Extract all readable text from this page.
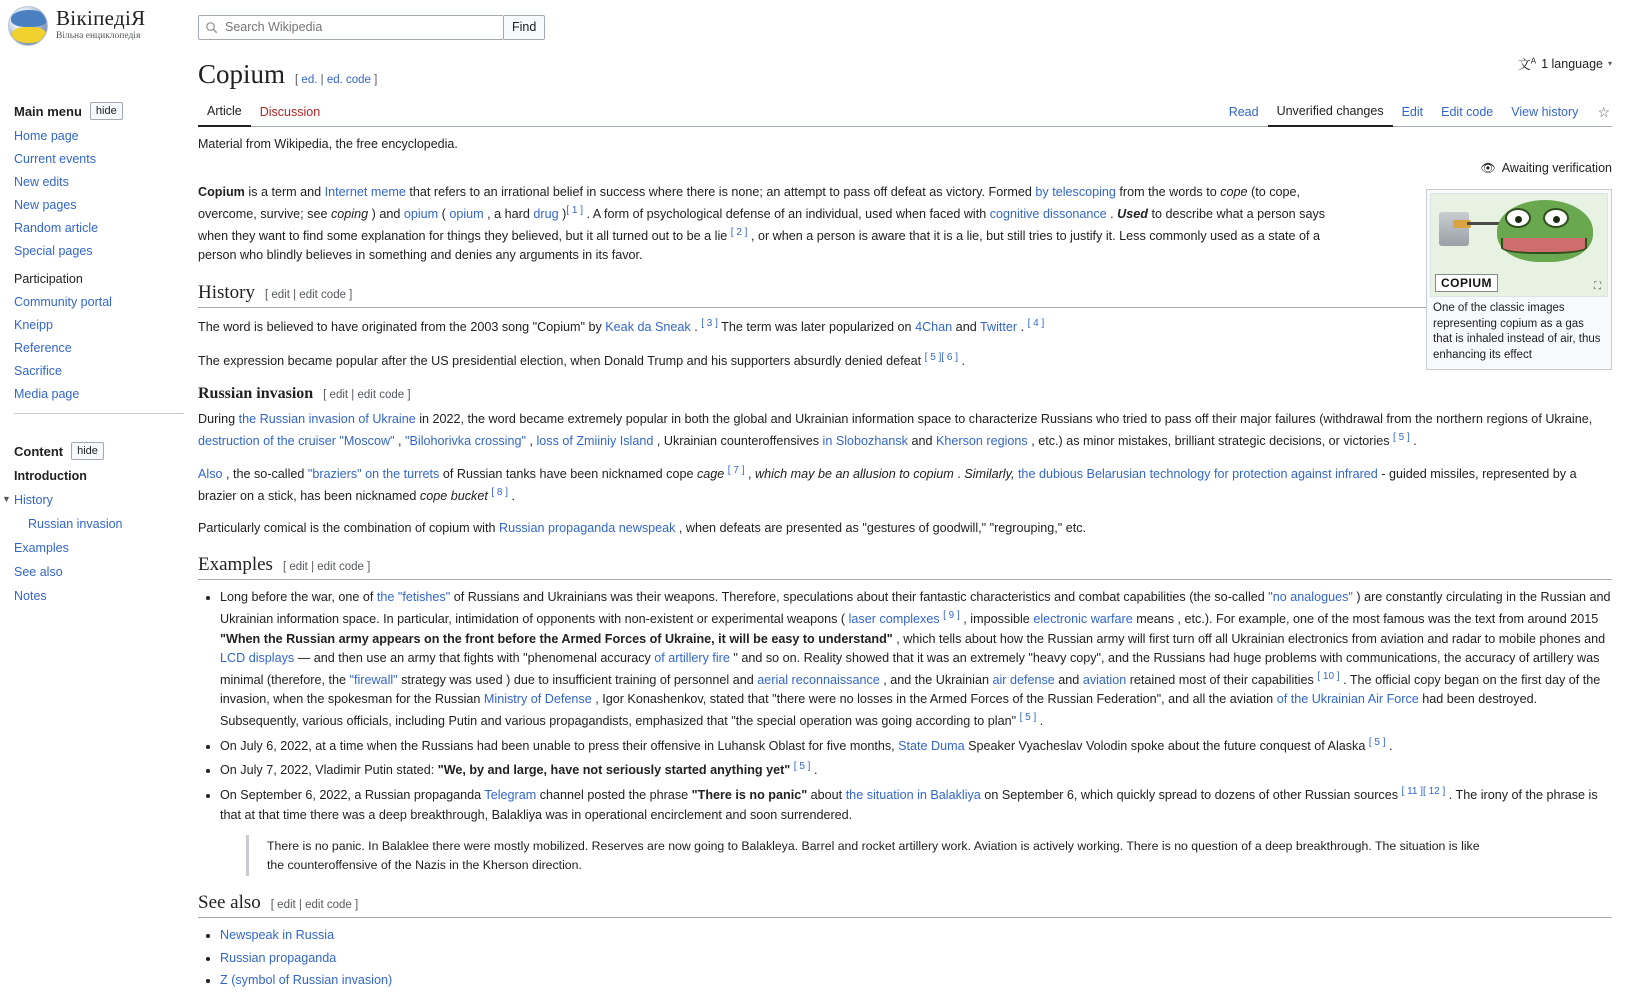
ВікіпедіЯ
Вільна енциклопедія
Main menu	hide
Home page
Current events
New edits
New pages
Random article
Special pages
Participation
Community portal
Kneipp
Reference
Sacrifice
Media page
Content	hide
Introduction
▼ History
Russian invasion
Examples
See also
Notes
Search Wikipedia
Find
Copium [ ed. | ed. code ]
文$^A$ 1 language ▾
Article	Discussion	Read	Unverified changes	Edit	Edit code	View history	☆
Material from Wikipedia, the free encyclopedia.
👁 Awaiting verification
COPIUM	⛶
One of the classic images representing copium as a gas that is inhaled instead of air, thus enhancing its effect

Copium is a term and Internet meme that refers to an irrational belief in success where there is none; an attempt to pass off defeat as victory. Formed by telescoping from the words to cope (to cope, overcome, survive; see coping ) and opium ( opium , a hard drug )[ 1 ] . A form of psychological defense of an individual, used when faced with cognitive dissonance . Used to describe what a person says when they want to find some explanation for things they believed, but it all turned out to be a lie [ 2 ] , or when a person is aware that it is a lie, but still tries to justify it. Less commonly used as a state of a person who blindly believes in something and denies any arguments in its favor.

History [ edit | edit code ]

The word is believed to have originated from the 2003 song "Copium" by Keak da Sneak . [ 3 ] The term was later popularized on 4Chan and Twitter . [ 4 ]

The expression became popular after the US presidential election, when Donald Trump and his supporters absurdly denied defeat [ 5 ][ 6 ] .

Russian invasion [ edit | edit code ]

During the Russian invasion of Ukraine in 2022, the word became extremely popular in both the global and Ukrainian information space to characterize Russians who tried to pass off their major failures (withdrawal from the northern regions of Ukraine, destruction of the cruiser "Moscow" , "Bilohorivka crossing" , loss of Zmiiniy Island , Ukrainian counteroffensives in Slobozhansk and Kherson regions , etc.) as minor mistakes, brilliant strategic decisions, or victories [ 5 ] .

Also , the so-called "braziers" on the turrets of Russian tanks have been nicknamed cope cage [ 7 ] , which may be an allusion to copium . Similarly, the dubious Belarusian technology for protection against infrared - guided missiles, represented by a brazier on a stick, has been nicknamed cope bucket [ 8 ] .

Particularly comical is the combination of copium with Russian propaganda newspeak , when defeats are presented as "gestures of goodwill," "regrouping," etc.

Examples [ edit | edit code ]
• Long before the war, one of the "fetishes" of Russians and Ukrainians was their weapons. Therefore, speculations about their fantastic characteristics and combat capabilities (the so-called "no analogues" ) are constantly circulating in the Russian and Ukrainian information space. In particular, intimidation of opponents with non-existent or experimental weapons ( laser complexes [ 9 ] , impossible electronic warfare means , etc.). For example, one of the most famous was the text from around 2015 "When the Russian army appears on the front before the Armed Forces of Ukraine, it will be easy to understand" , which tells about how the Russian army will first turn off all Ukrainian electronics from aviation and radar to mobile phones and LCD displays — and then use an army that fights with "phenomenal accuracy of artillery fire " and so on. Reality showed that it was an extremely "heavy copy", and the Russians had huge problems with communications, the accuracy of artillery was minimal (therefore, the "firewall" strategy was used ) due to insufficient training of personnel and aerial reconnaissance , and the Ukrainian air defense and aviation retained most of their capabilities [ 10 ] . The official copy began on the first day of the invasion, when the spokesman for the Russian Ministry of Defense , Igor Konashenkov, stated that "there were no losses in the Armed Forces of the Russian Federation", and all the aviation of the Ukrainian Air Force had been destroyed. Subsequently, various officials, including Putin and various propagandists, emphasized that "the special operation was going according to plan" [ 5 ] .
• On July 6, 2022, at a time when the Russians had been unable to press their offensive in Luhansk Oblast for five months, State Duma Speaker Vyacheslav Volodin spoke about the future conquest of Alaska [ 5 ] .
• On July 7, 2022, Vladimir Putin stated: "We, by and large, have not seriously started anything yet" [ 5 ] .
• On September 6, 2022, a Russian propaganda Telegram channel posted the phrase "There is no panic" about the situation in Balakliya on September 6, which quickly spread to dozens of other Russian sources [ 11 ][ 12 ] . The irony of the phrase is that at that time there was a deep breakthrough, Balakliya was in operational encirclement and soon surrendered.
There is no panic. In Balaklee there were mostly mobilized. Reserves are now going to Balakleya. Barrel and rocket artillery work. Aviation is actively working. There is no question of a deep breakthrough. The situation is like the counteroffensive of the Nazis in the Kherson direction.
See also [ edit | edit code ]
• Newspeak in Russia
• Russian propaganda
• Z (symbol of Russian invasion)
